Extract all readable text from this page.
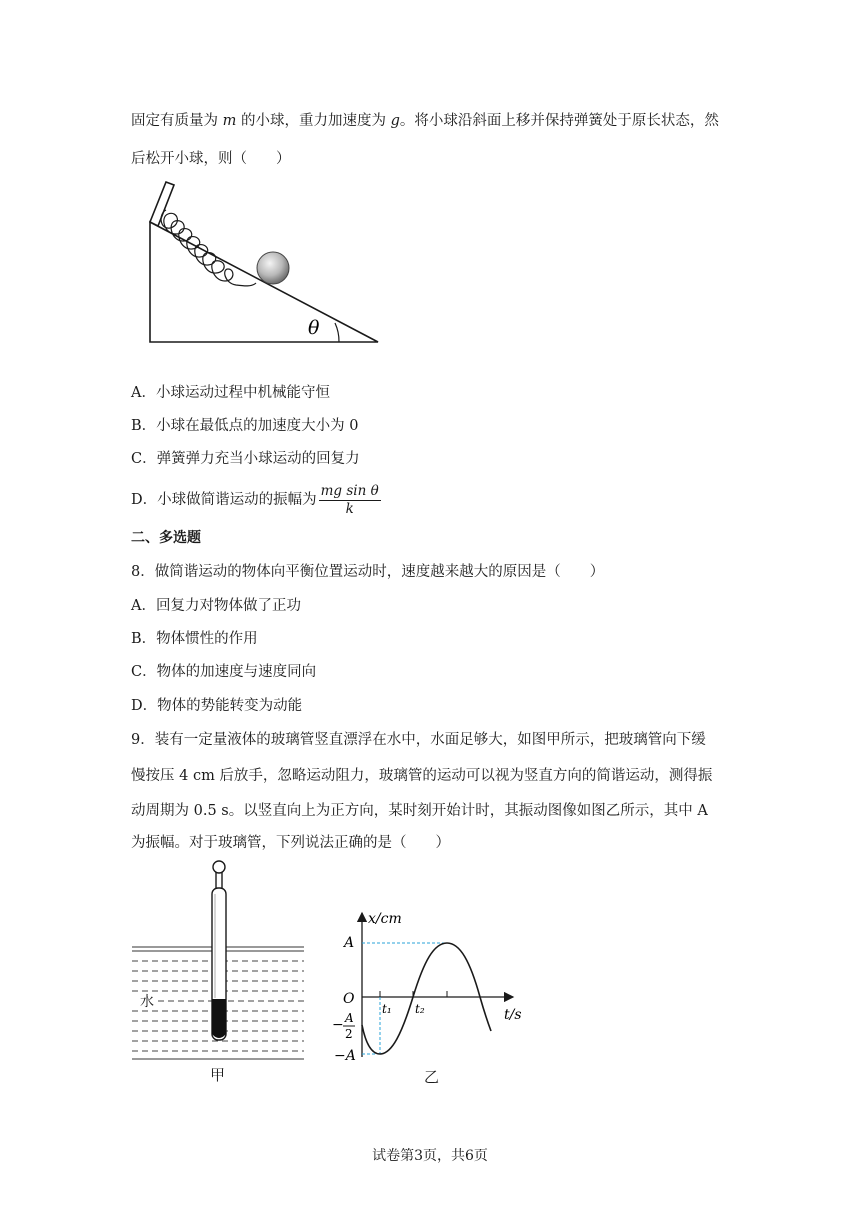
固定有质量为 m 的小球，重力加速度为 g。将小球沿斜面上移并保持弹簧处于原长状态，然
后松开小球，则（　　）
θ
A．小球运动过程中机械能守恒
B．小球在最低点的加速度大小为 0
C．弹簧弹力充当小球运动的回复力
D．小球做简谐运动的振幅为 $\frac{\text{mg sin θ}}{k}$
二、多选题
8．做简谐运动的物体向平衡位置运动时，速度越来越大的原因是（　　）
A．回复力对物体做了正功
B．物体惯性的作用
C．物体的加速度与速度同向
D．物体的势能转变为动能
9．装有一定量液体的玻璃管竖直漂浮在水中，水面足够大，如图甲所示，把玻璃管向下缓
慢按压 4 cm 后放手，忽略运动阻力，玻璃管的运动可以视为竖直方向的简谐运动，测得振
动周期为 0.5 s。以竖直向上为正方向，某时刻开始计时，其振动图像如图乙所示，其中 A
为振幅。对于玻璃管，下列说法正确的是（　　）
水
甲
x/cm
t/s
O
A
−A
− A
2
t₁ t₂
乙
试卷第3页，共6页
